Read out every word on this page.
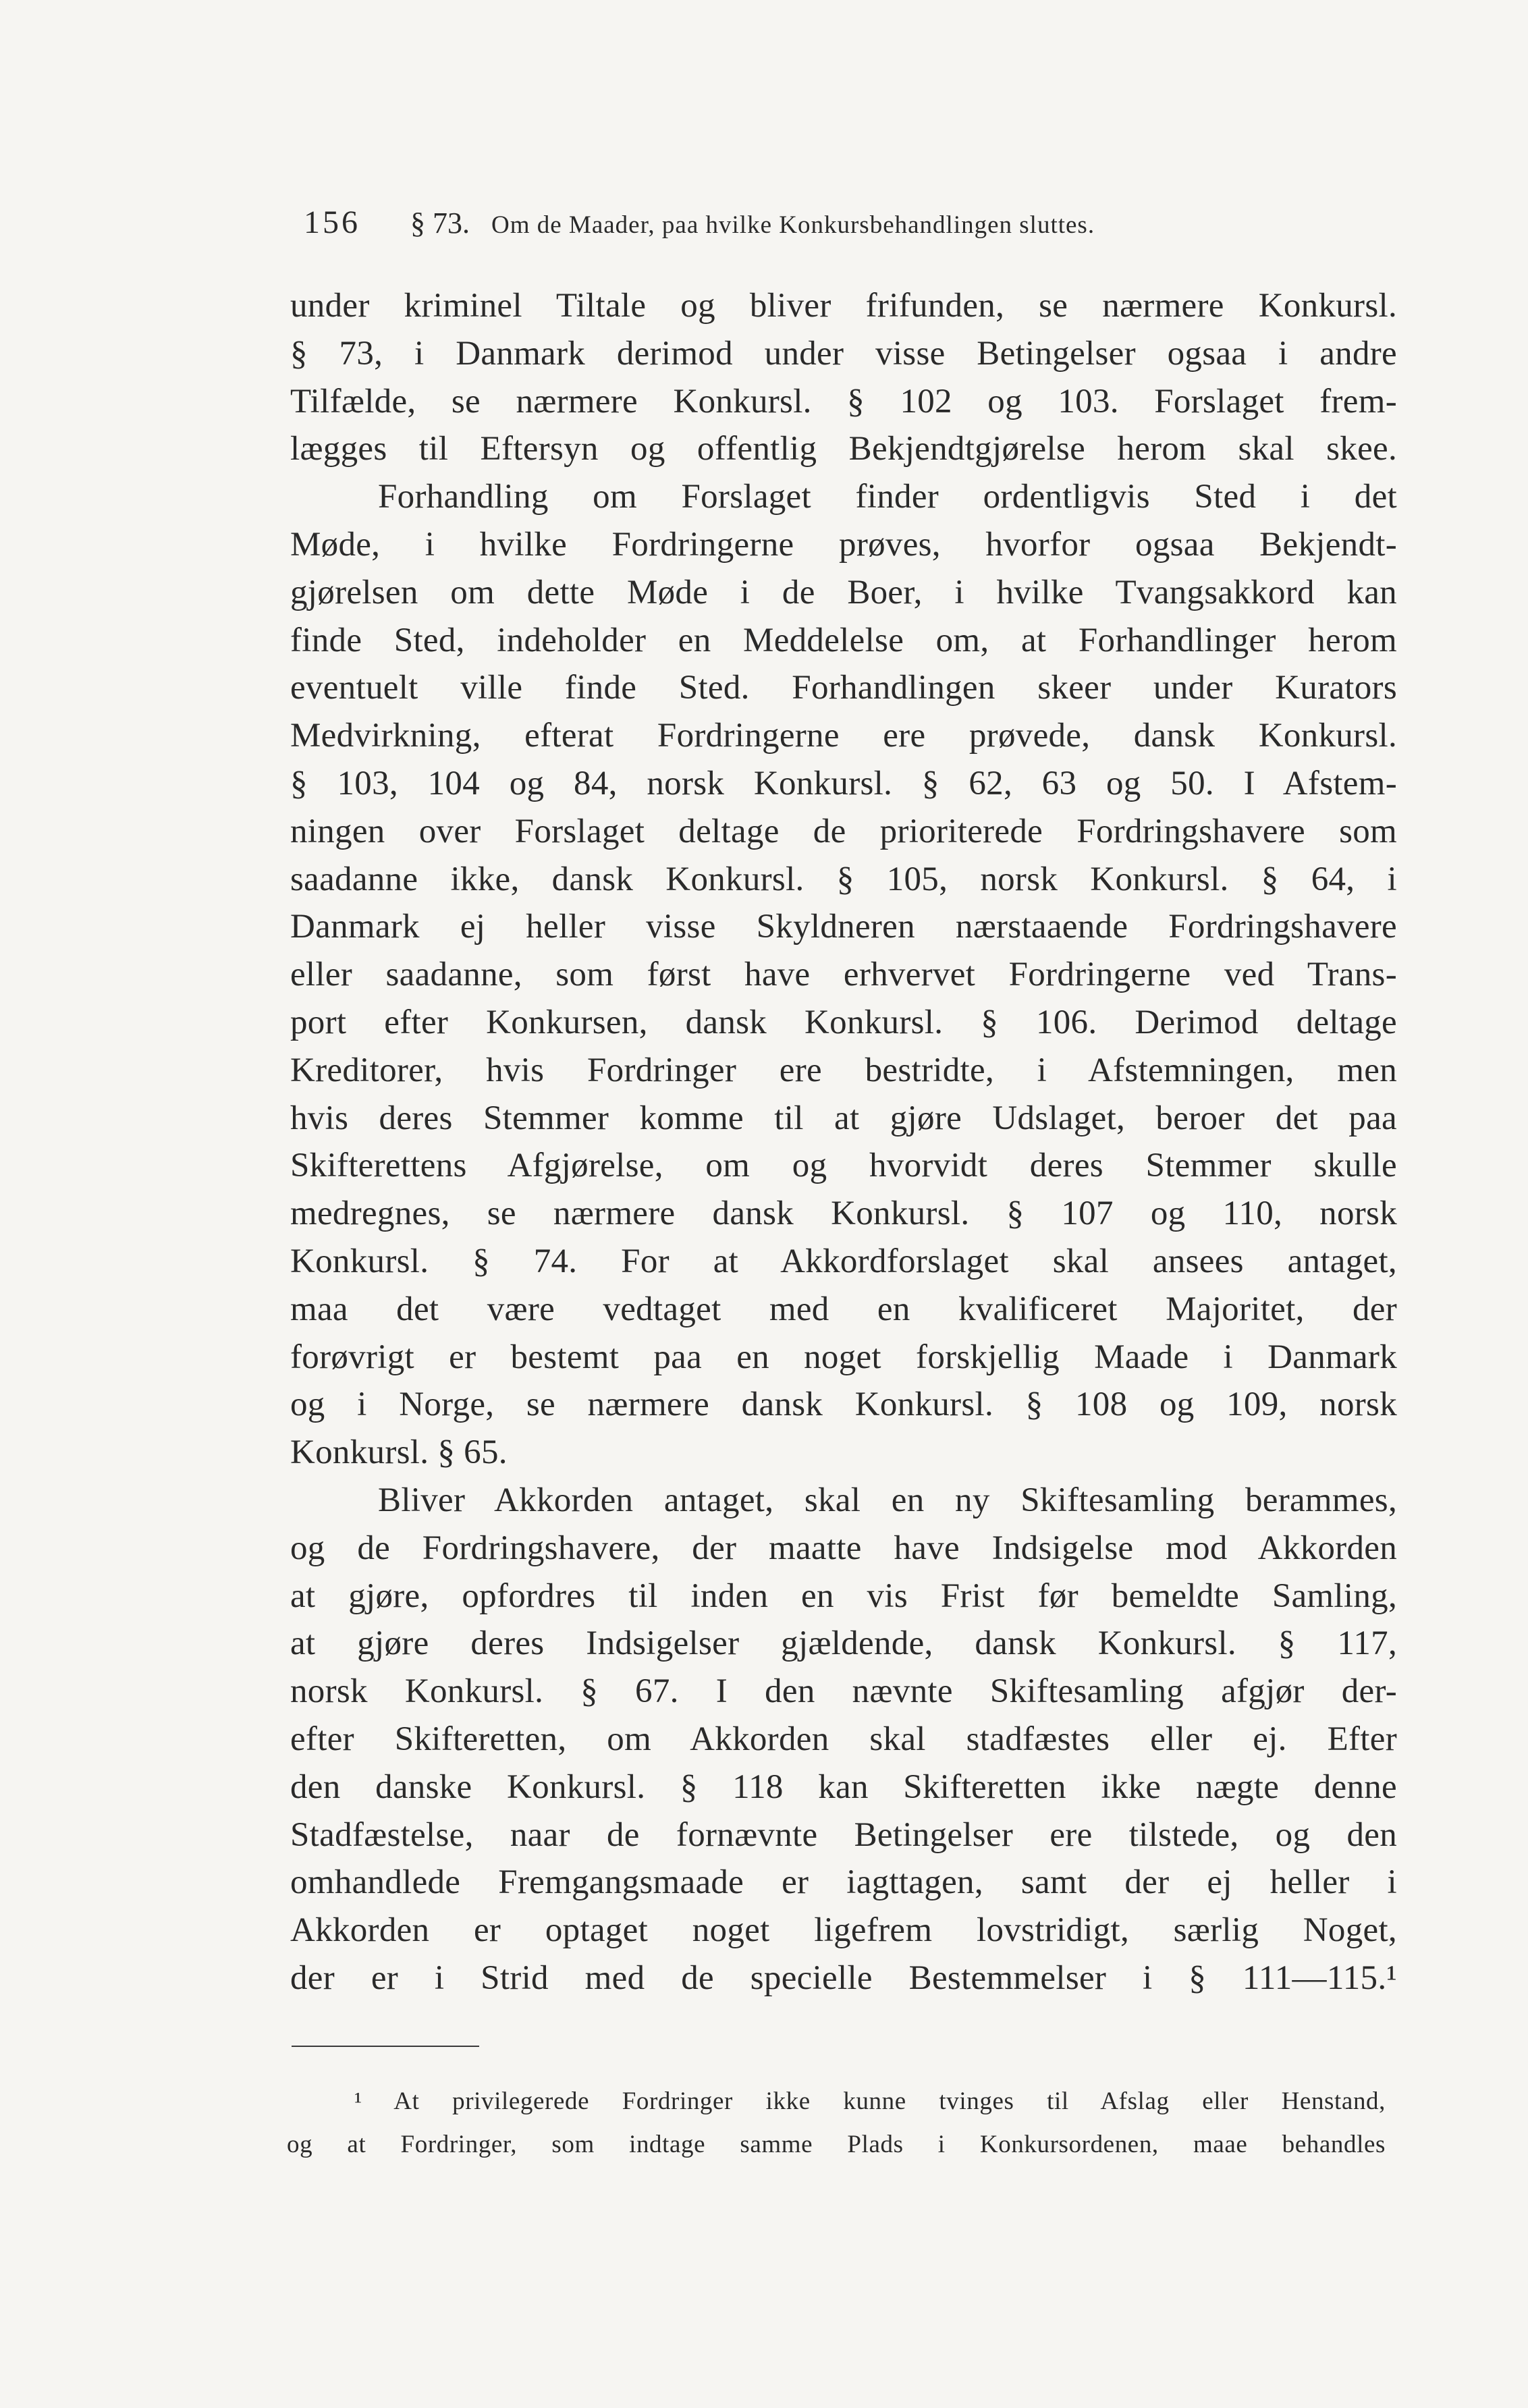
156 § 73. Om de Maader, paa hvilke Konkursbehandlingen sluttes.
under kriminel Tiltale og bliver frifunden, se nærmere Konkursl.
§ 73, i Danmark derimod under visse Betingelser ogsaa i andre
Tilfælde, se nærmere Konkursl. § 102 og 103. Forslaget frem-
lægges til Eftersyn og offentlig Bekjendtgjørelse herom skal skee.
Forhandling om Forslaget finder ordentligvis Sted i det
Møde, i hvilke Fordringerne prøves, hvorfor ogsaa Bekjendt-
gjørelsen om dette Møde i de Boer, i hvilke Tvangsakkord kan
finde Sted, indeholder en Meddelelse om, at Forhandlinger herom
eventuelt ville finde Sted. Forhandlingen skeer under Kurators
Medvirkning, efterat Fordringerne ere prøvede, dansk Konkursl.
§ 103, 104 og 84, norsk Konkursl. § 62, 63 og 50. I Afstem-
ningen over Forslaget deltage de prioriterede Fordringshavere som
saadanne ikke, dansk Konkursl. § 105, norsk Konkursl. § 64, i
Danmark ej heller visse Skyldneren nærstaaende Fordringshavere
eller saadanne, som først have erhvervet Fordringerne ved Trans-
port efter Konkursen, dansk Konkursl. § 106. Derimod deltage
Kreditorer, hvis Fordringer ere bestridte, i Afstemningen, men
hvis deres Stemmer komme til at gjøre Udslaget, beroer det paa
Skifterettens Afgjørelse, om og hvorvidt deres Stemmer skulle
medregnes, se nærmere dansk Konkursl. § 107 og 110, norsk
Konkursl. § 74. For at Akkordforslaget skal ansees antaget,
maa det være vedtaget med en kvalificeret Majoritet, der
forøvrigt er bestemt paa en noget forskjellig Maade i Danmark
og i Norge, se nærmere dansk Konkursl. § 108 og 109, norsk
Konkursl. § 65.
Bliver Akkorden antaget, skal en ny Skiftesamling berammes,
og de Fordringshavere, der maatte have Indsigelse mod Akkorden
at gjøre, opfordres til inden en vis Frist før bemeldte Samling,
at gjøre deres Indsigelser gjældende, dansk Konkursl. § 117,
norsk Konkursl. § 67. I den nævnte Skiftesamling afgjør der-
efter Skifteretten, om Akkorden skal stadfæstes eller ej. Efter
den danske Konkursl. § 118 kan Skifteretten ikke nægte denne
Stadfæstelse, naar de fornævnte Betingelser ere tilstede, og den
omhandlede Fremgangsmaade er iagttagen, samt der ej heller i
Akkorden er optaget noget ligefrem lovstridigt, særlig Noget,
der er i Strid med de specielle Bestemmelser i § 111—115.¹
¹ At privilegerede Fordringer ikke kunne tvinges til Afslag eller Henstand,
og at Fordringer, som indtage samme Plads i Konkursordenen, maae behandles
